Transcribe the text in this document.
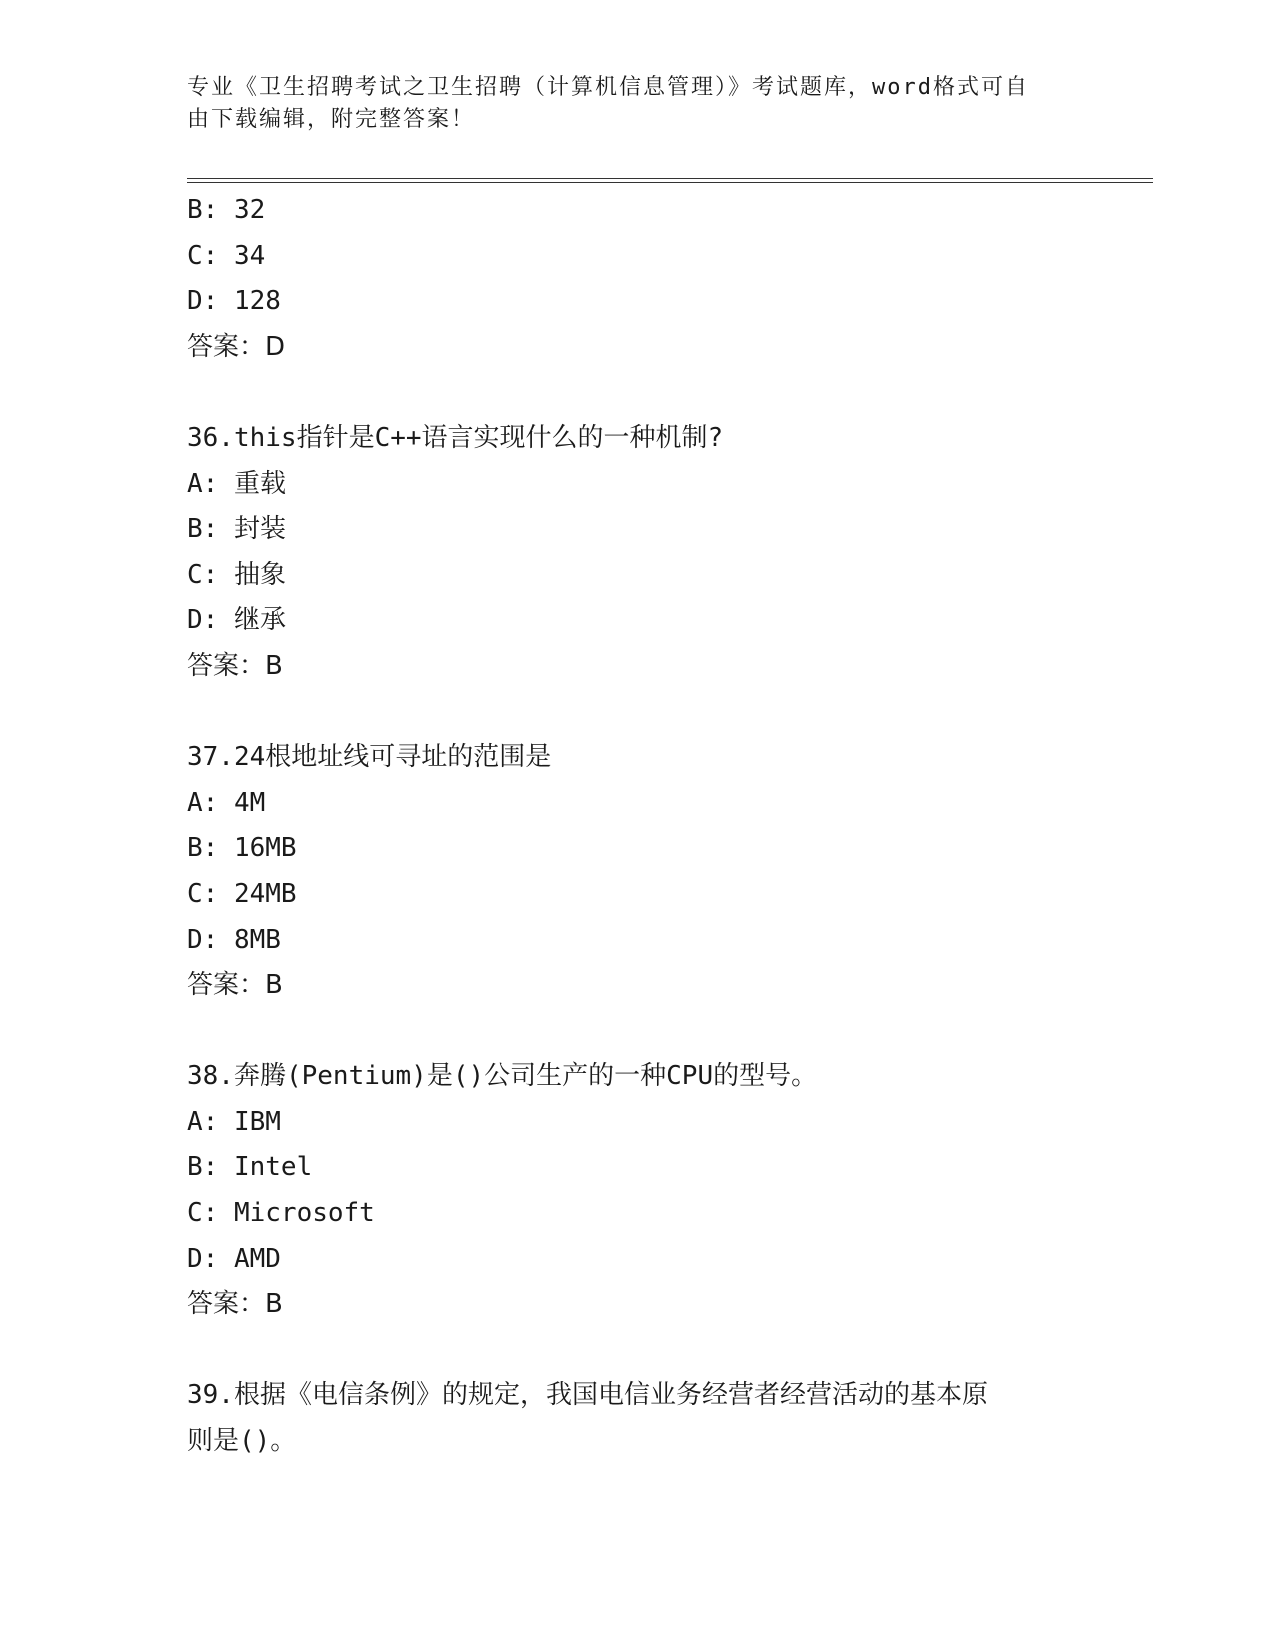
专业《卫生招聘考试之卫生招聘（计算机信息管理）》考试题库，word格式可自
由下载编辑，附完整答案！
B: 32
C: 34
D: 128
答案：D
36.this指针是C++语言实现什么的一种机制?
A: 重载
B: 封装
C: 抽象
D: 继承
答案：B
37.24根地址线可寻址的范围是
A: 4M
B: 16MB
C: 24MB
D: 8MB
答案：B
38.奔腾(Pentium)是()公司生产的一种CPU的型号。
A: IBM
B: Intel
C: Microsoft
D: AMD
答案：B
39.根据《电信条例》的规定，我国电信业务经营者经营活动的基本原
则是()。
